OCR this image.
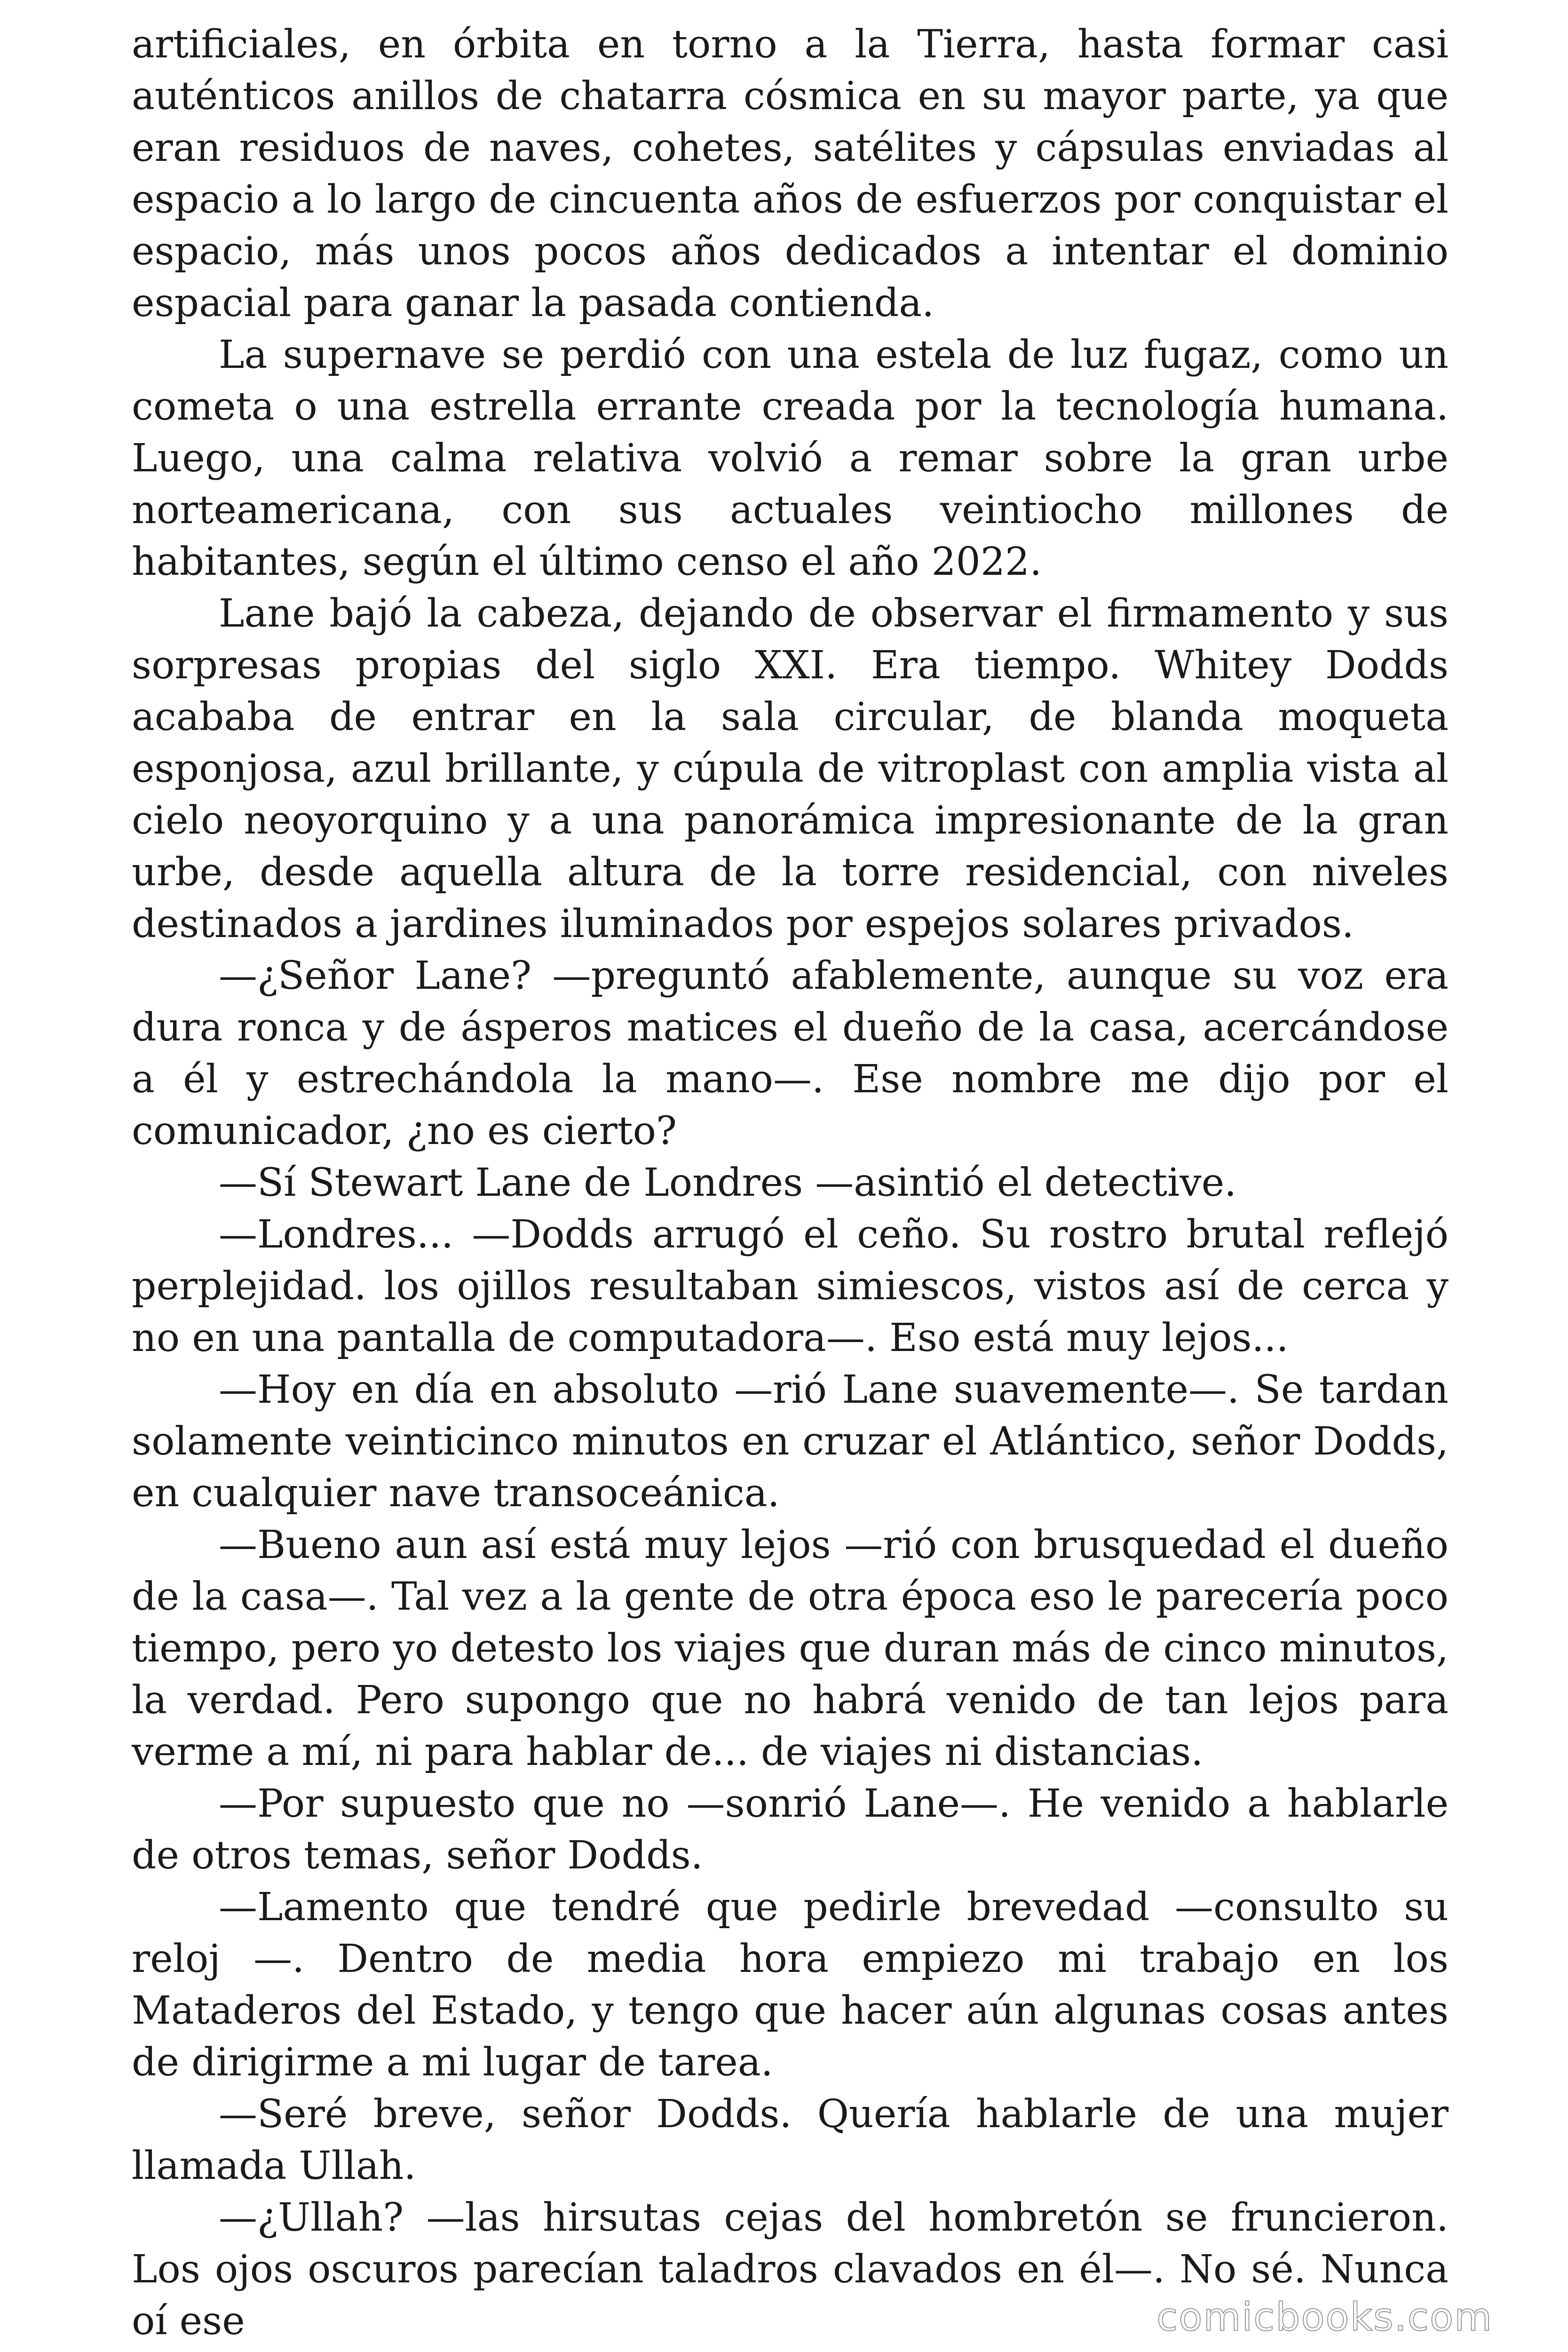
artificiales, en órbita en torno a la Tierra, hasta formar casi auténticos anillos de chatarra cósmica en su mayor parte, ya que eran residuos de naves, cohetes, satélites y cápsulas enviadas al espacio a lo largo de cincuenta años de esfuerzos por conquistar el espacio, más unos pocos años dedicados a intentar el dominio espacial para ganar la pasada contienda.

La supernave se perdió con una estela de luz fugaz, como un cometa o una estrella errante creada por la tecnología humana. Luego, una calma relativa volvió a remar sobre la gran urbe norteamericana, con sus actuales veintiocho millones de habitantes, según el último censo el año 2022.

Lane bajó la cabeza, dejando de observar el firmamento y sus sorpresas propias del siglo XXI. Era tiempo. Whitey Dodds acababa de entrar en la sala circular, de blanda moqueta esponjosa, azul brillante, y cúpula de vitroplast con amplia vista al cielo neoyorquino y a una panorámica impresionante de la gran urbe, desde aquella altura de la torre residencial, con niveles destinados a jardines iluminados por espejos solares privados.

—¿Señor Lane? —preguntó afablemente, aunque su voz era dura ronca y de ásperos matices el dueño de la casa, acercándose a él y estrechándola la mano—. Ese nombre me dijo por el comunicador, ¿no es cierto?

—Sí Stewart Lane de Londres —asintió el detective.

—Londres... —Dodds arrugó el ceño. Su rostro brutal reflejó perplejidad. los ojillos resultaban simiescos, vistos así de cerca y no en una pantalla de computadora—. Eso está muy lejos...

—Hoy en día en absoluto —rió Lane suavemente—. Se tardan solamente veinticinco minutos en cruzar el Atlántico, señor Dodds, en cualquier nave transoceánica.

—Bueno aun así está muy lejos —rió con brusquedad el dueño de la casa—. Tal vez a la gente de otra época eso le parecería poco tiempo, pero yo detesto los viajes que duran más de cinco minutos, la verdad. Pero supongo que no habrá venido de tan lejos para verme a mí, ni para hablar de... de viajes ni distancias.

—Por supuesto que no —sonrió Lane—. He venido a hablarle de otros temas, señor Dodds.

—Lamento que tendré que pedirle brevedad —consulto su reloj —. Dentro de media hora empiezo mi trabajo en los Mataderos del Estado, y tengo que hacer aún algunas cosas antes de dirigirme a mi lugar de tarea.

—Seré breve, señor Dodds. Quería hablarle de una mujer llamada Ullah.

—¿Ullah? —las hirsutas cejas del hombretón se fruncieron. Los ojos oscuros parecían taladros clavados en él—. No sé. Nunca oí ese	comicbooks.com
